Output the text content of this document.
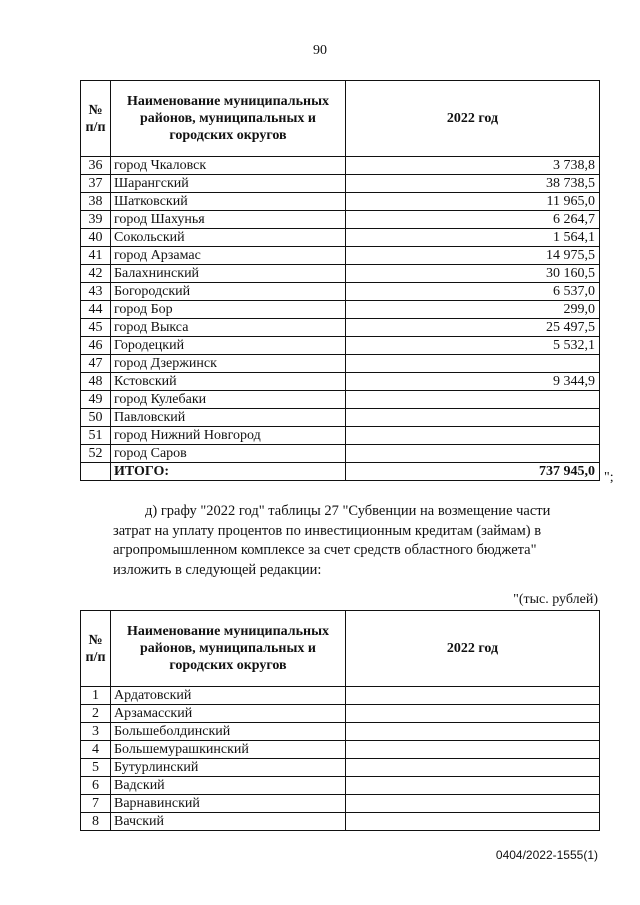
90
№ п/п	Наименование муниципальных районов, муниципальных и городских округов	2022 год
36	город Чкаловск	3 738,8
37	Шарангский	38 738,5
38	Шатковский	11 965,0
39	город Шахунья	6 264,7
40	Сокольский	1 564,1
41	город Арзамас	14 975,5
42	Балахнинский	30 160,5
43	Богородский	6 537,0
44	город Бор	299,0
45	город Выкса	25 497,5
46	Городецкий	5 532,1
47	город Дзержинск	
48	Кстовский	9 344,9
49	город Кулебаки	
50	Павловский	
51	город Нижний Новгород	
52	город Саров	
	ИТОГО:	737 945,0 ";
д) графу "2022 год" таблицы 27 "Субвенции на возмещение части
затрат на уплату процентов по инвестиционным кредитам (займам) в
агропромышленном комплексе за счет средств областного бюджета"
изложить в следующей редакции:
"(тыс. рублей)
№ п/п	Наименование муниципальных районов, муниципальных и городских округов	2022 год
1	Ардатовский	
2	Арзамасский	
3	Большеболдинский	
4	Большемурашкинский	
5	Бутурлинский	
6	Вадский	
7	Варнавинский	
8	Вачский	
0404/2022-1555(1)
